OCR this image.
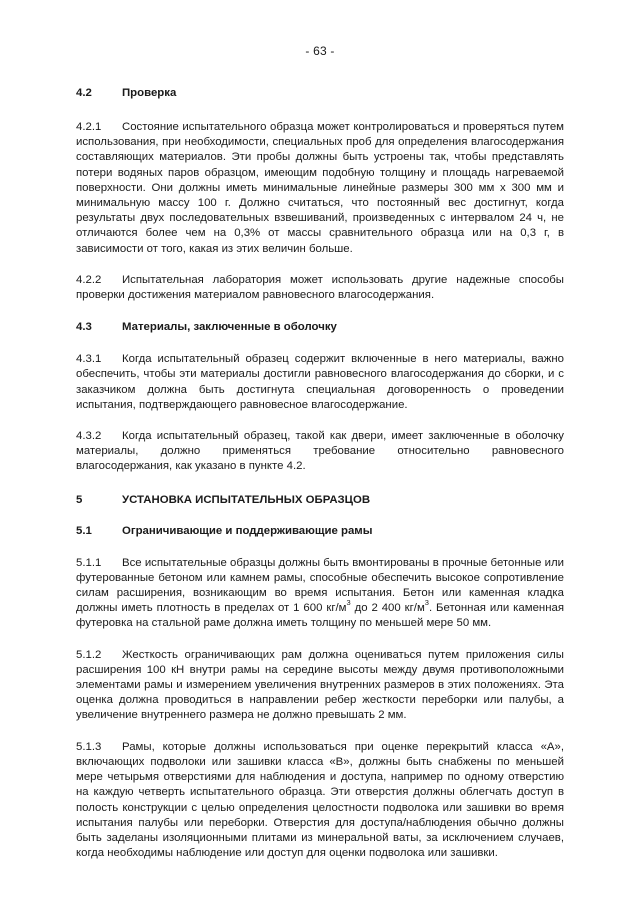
- 63 -
4.2	Проверка
4.2.1 Состояние испытательного образца может контролироваться и проверяться путем использования, при необходимости, специальных проб для определения влагосодержания составляющих материалов. Эти пробы должны быть устроены так, чтобы представлять потери водяных паров образцом, имеющим подобную толщину и площадь нагреваемой поверхности. Они должны иметь минимальные линейные размеры 300 мм х 300 мм и минимальную массу 100 г. Должно считаться, что постоянный вес достигнут, когда результаты двух последовательных взвешиваний, произведенных с интервалом 24 ч, не отличаются более чем на 0,3% от массы сравнительного образца или на 0,3 г, в зависимости от того, какая из этих величин больше.
4.2.2 Испытательная лаборатория может использовать другие надежные способы проверки достижения материалом равновесного влагосодержания.
4.3	Материалы, заключенные в оболочку
4.3.1 Когда испытательный образец содержит включенные в него материалы, важно обеспечить, чтобы эти материалы достигли равновесного влагосодержания до сборки, и с заказчиком должна быть достигнута специальная договоренность о проведении испытания, подтверждающего равновесное влагосодержание.
4.3.2 Когда испытательный образец, такой как двери, имеет заключенные в оболочку материалы, должно применяться требование относительно равновесного влагосодержания, как указано в пункте 4.2.
5	УСТАНОВКА ИСПЫТАТЕЛЬНЫХ ОБРАЗЦОВ
5.1	Ограничивающие и поддерживающие рамы
5.1.1 Все испытательные образцы должны быть вмонтированы в прочные бетонные или футерованные бетоном или камнем рамы, способные обеспечить высокое сопротивление силам расширения, возникающим во время испытания. Бетон или каменная кладка должны иметь плотность в пределах от 1 600 $кг/м^3$ до 2 400 $кг/м^3$. Бетонная или каменная футеровка на стальной раме должна иметь толщину по меньшей мере 50 мм.
5.1.2 Жесткость ограничивающих рам должна оцениваться путем приложения силы расширения 100 кН внутри рамы на середине высоты между двумя противоположными элементами рамы и измерением увеличения внутренних размеров в этих положениях. Эта оценка должна проводиться в направлении ребер жесткости переборки или палубы, а увеличение внутреннего размера не должно превышать 2 мм.
5.1.3 Рамы, которые должны использоваться при оценке перекрытий класса «А», включающих подволоки или зашивки класса «В», должны быть снабжены по меньшей мере четырьмя отверстиями для наблюдения и доступа, например по одному отверстию на каждую четверть испытательного образца. Эти отверстия должны облегчать доступ в полость конструкции с целью определения целостности подволока или зашивки во время испытания палубы или переборки. Отверстия для доступа/наблюдения обычно должны быть заделаны изоляционными плитами из минеральной ваты, за исключением случаев, когда необходимы наблюдение или доступ для оценки подволока или зашивки.
